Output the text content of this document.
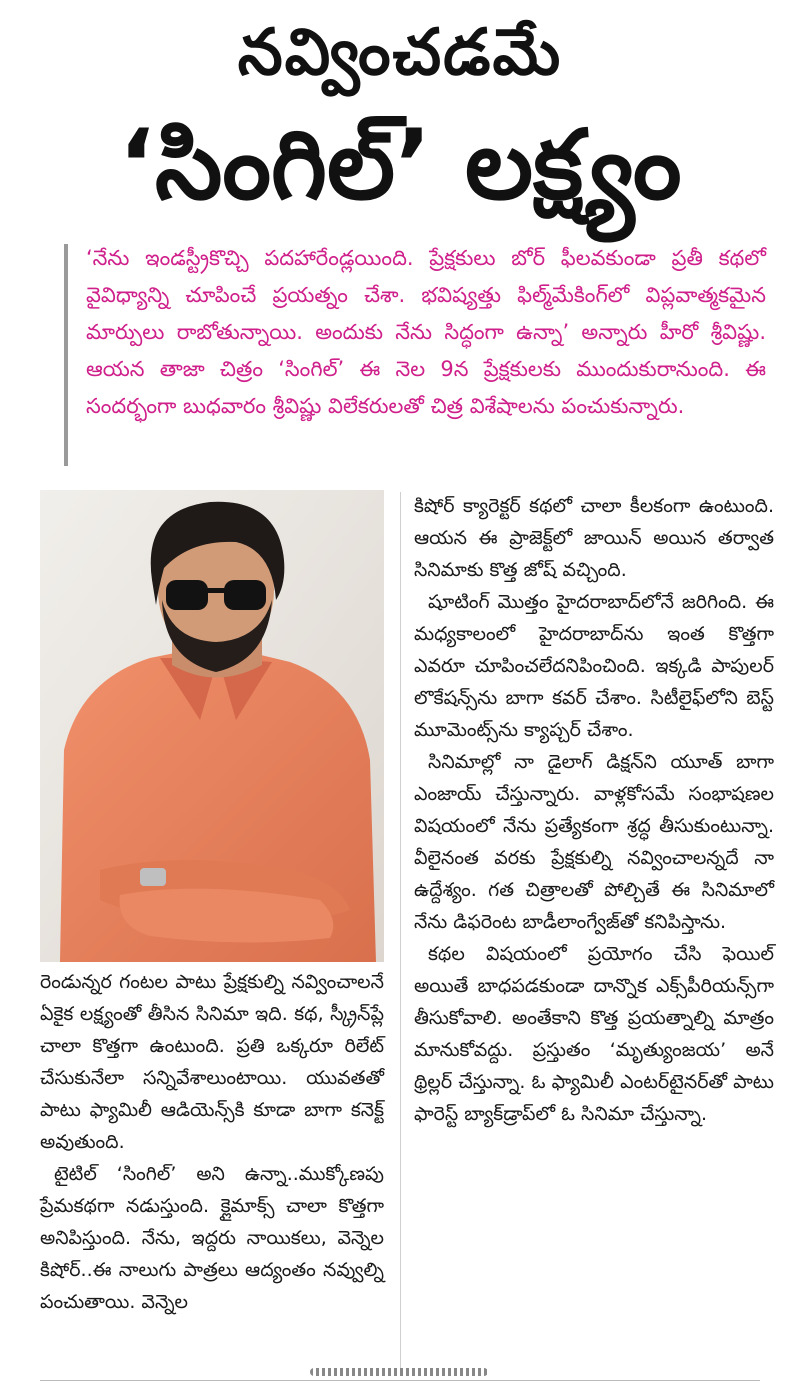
నవ్వించడమే
‘సింగిల్’ లక్ష్యం
‘నేను ఇండస్ట్రీకొచ్చి పదహారేండ్లయింది. ప్రేక్షకులు బోర్ ఫీలవకుండా ప్రతీ కథలో వైవిధ్యాన్ని చూపించే ప్రయత్నం చేశా. భవిష్యత్తు ఫిల్మ్‌మేకింగ్‌లో విప్లవాత్మకమైన మార్పులు రాబోతున్నాయి. అందుకు నేను సిద్ధంగా ఉన్నా’ అన్నారు హీరో శ్రీవిష్ణు. ఆయన తాజా చిత్రం ‘సింగిల్’ ఈ నెల 9న ప్రేక్షకులకు ముందుకురానుంది. ఈ సందర్భంగా బుధవారం శ్రీవిష్ణు విలేకరులతో చిత్ర విశేషాలను పంచుకున్నారు.

రెండున్నర గంటల పాటు ప్రేక్షకుల్ని నవ్వించాలనే ఏకైక లక్ష్యంతో తీసిన సినిమా ఇది. కథ, స్క్రీన్‌ప్లే చాలా కొత్తగా ఉంటుంది. ప్రతి ఒక్కరూ రిలేట్ చేసుకునేలా సన్నివేశాలుంటాయి. యువతతో పాటు ఫ్యామిలీ ఆడియెన్స్‌కి కూడా బాగా కనెక్ట్ అవుతుంది.

టైటిల్ ‘సింగిల్’ అని ఉన్నా..ముక్కోణపు ప్రేమకథగా నడుస్తుంది. క్లైమాక్స్ చాలా కొత్తగా అనిపిస్తుంది. నేను, ఇద్దరు నాయికలు, వెన్నెల కిషోర్..ఈ నాలుగు పాత్రలు ఆద్యంతం నవ్వుల్ని పంచుతాయి. వెన్నెల

కిషోర్ క్యారెక్టర్ కథలో చాలా కీలకంగా ఉంటుంది. ఆయన ఈ ప్రాజెక్ట్‌లో జాయిన్ అయిన తర్వాత సినిమాకు కొత్త జోష్ వచ్చింది.

షూటింగ్ మొత్తం హైదరాబాద్‌లోనే జరిగింది. ఈ మధ్యకాలంలో హైదరాబాద్‌ను ఇంత కొత్తగా ఎవరూ చూపించలేదనిపించింది. ఇక్కడి పాపులర్ లొకేషన్స్‌ను బాగా కవర్ చేశాం. సిటీలైఫ్‌లోని బెస్ట్ మూమెంట్స్‌ను క్యాప్చర్ చేశాం.

సినిమాల్లో నా డైలాగ్ డిక్షన్‌ని యూత్ బాగా ఎంజాయ్ చేస్తున్నారు. వాళ్లకోసమే సంభాషణల విషయంలో నేను ప్రత్యేకంగా శ్రద్ధ తీసుకుంటున్నా. వీలైనంత వరకు ప్రేక్షకుల్ని నవ్వించాలన్నదే నా ఉద్దేశ్యం. గత చిత్రాలతో పోల్చితే ఈ సినిమాలో నేను డిఫరెంట బాడీలాంగ్వేజ్‌తో కనిపిస్తాను.

కథల విషయంలో ప్రయోగం చేసి ఫెయిల్ అయితే బాధపడకుండా దాన్నొక ఎక్స్‌పీరియన్స్‌గా తీసుకోవాలి. అంతేకాని కొత్త ప్రయత్నాల్ని మాత్రం మానుకోవద్దు. ప్రస్తుతం ‘మృత్యుంజయ’ అనే థ్రిల్లర్ చేస్తున్నా. ఓ ఫ్యామిలీ ఎంటర్‌టైనర్‌తో పాటు ఫారెస్ట్ బ్యాక్‌డ్రాప్‌లో ఓ సినిమా చేస్తున్నా.
